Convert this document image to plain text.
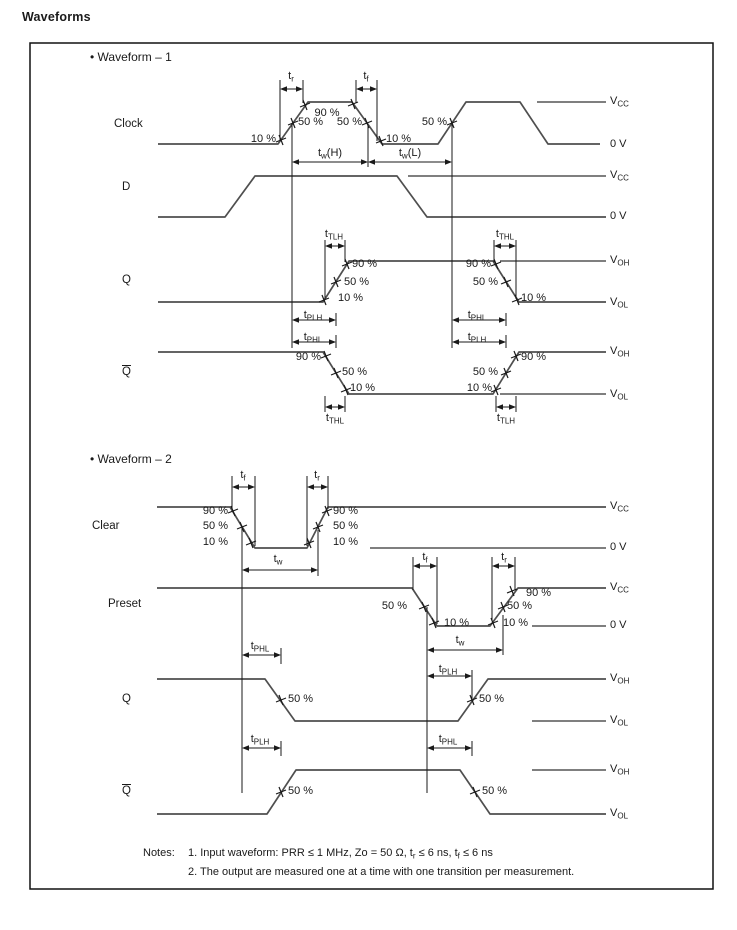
Waveforms
• Waveform – 1
Clock
$t_r$	$t_f$
90 %
50 % 50 %
10 %	10 %
50 %
$t_w(H)$	$t_w(L)$
$V_{CC}$
0 V
D
$V_{CC}$
0 V
Q
$t_{TLH}$	$t_{THL}$
90 %
50 %
10 %
90 %
50 %
10 %
$V_{OH}$
$V_{OL}$
$t_{PLH}$	$t_{PHL}$
$t_{PHL}$	$t_{PLH}$
$\overline{Q}$
90 %
50 %
10 %
50 %
10 %
90 %	$V_{OH}$
$V_{OL}$
$t_{THL}$	$t_{TLH}$
• Waveform – 2
Clear
$t_f$	$t_r$
90 %
50 %
10 %
90 %
50 %
10 %
$V_{CC}$
0 V
$t_w$
Preset
$t_f$	$t_r$
50 %
10 %
90 %
50 %
10 %
$V_{CC}$
0 V
$t_w$
Q
$t_{PHL}$
$t_{PLH}$
50 %	50 %
$V_{OH}$
$V_{OL}$
$t_{PLH}$	$t_{PHL}$
$\overline{Q}$	50 %	50 %
$V_{OH}$
$V_{OL}$
Notes: 1. Input waveform: PRR ≤ 1 MHz, Zo = 50 Ω, $t_r \le 6$ ns, $t_f \le 6$ ns
2. The output are measured one at a time with one transition per measurement.
